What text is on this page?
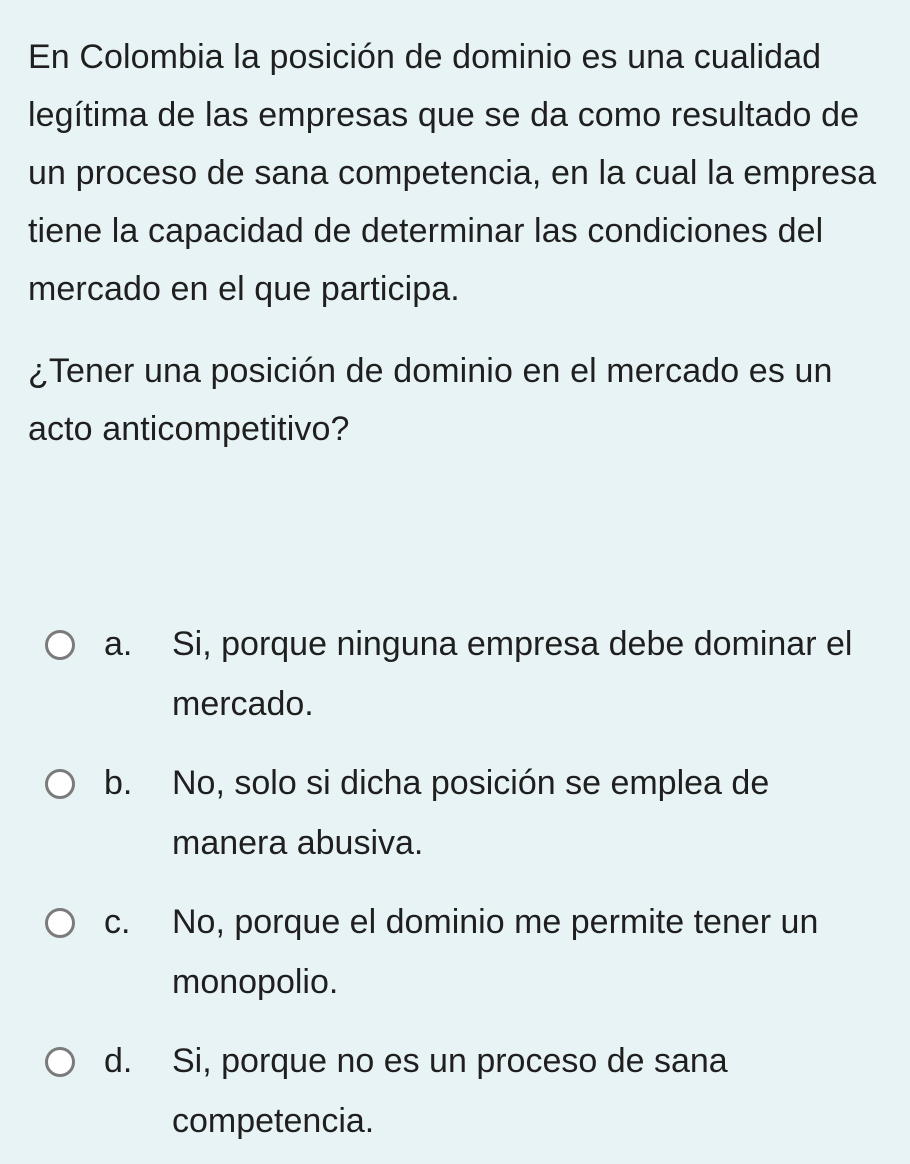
En Colombia la posición de dominio es una cualidad legítima de las empresas que se da como resultado de un proceso de sana competencia, en la cual la empresa tiene la capacidad de determinar las condiciones del mercado en el que participa.

¿Tener una posición de dominio en el mercado es un acto anticompetitivo?

a. Si, porque ninguna empresa debe dominar el mercado.
b. No, solo si dicha posición se emplea de manera abusiva.
c. No, porque el dominio me permite tener un monopolio.
d. Si, porque no es un proceso de sana competencia.
